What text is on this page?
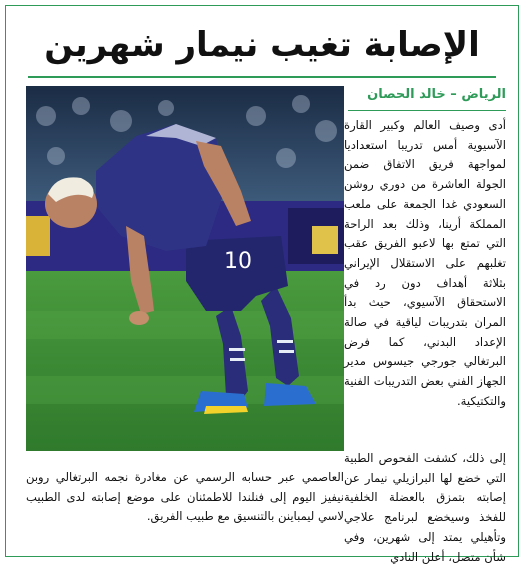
الإصابة تغيب نيمار شهرين
الرياض – خالد الحصان
10

أدى وصيف العالم وكبير القارة الآسيوية أمس تدريبا استعداديا لمواجهة فريق الاتفاق ضمن الجولة العاشرة من دوري روشن السعودي غدا الجمعة على ملعب المملكة أرينا، وذلك بعد الراحة التي تمتع بها لاعبو الفريق عقب تغلبهم على الاستقلال الإيراني بثلاثة أهداف دون رد في الاستحقاق الآسيوي، حيث بدأ المران بتدريبات لياقية في صالة الإعداد البدني، كما فرض البرتغالي جورجي جيسوس مدير الجهاز الفني بعض التدريبات الفنية والتكتيكية.

إلى ذلك، كشفت الفحوص الطبية التي خضع لها البرازيلي نيمار عن إصابته بتمزق بالعضلة الخلفية للفخذ وسيخضع لبرنامج علاجي وتأهيلي يمتد إلى شهرين، وفي شأن متصل، أعلن النادي

العاصمي عبر حسابه الرسمي عن مغادرة نجمه البرتغالي روبن نيفيز اليوم إلى فنلندا للاطمئنان على موضع إصابته لدى الطبيب لاسي ليمباينن بالتنسيق مع طبيب الفريق.
